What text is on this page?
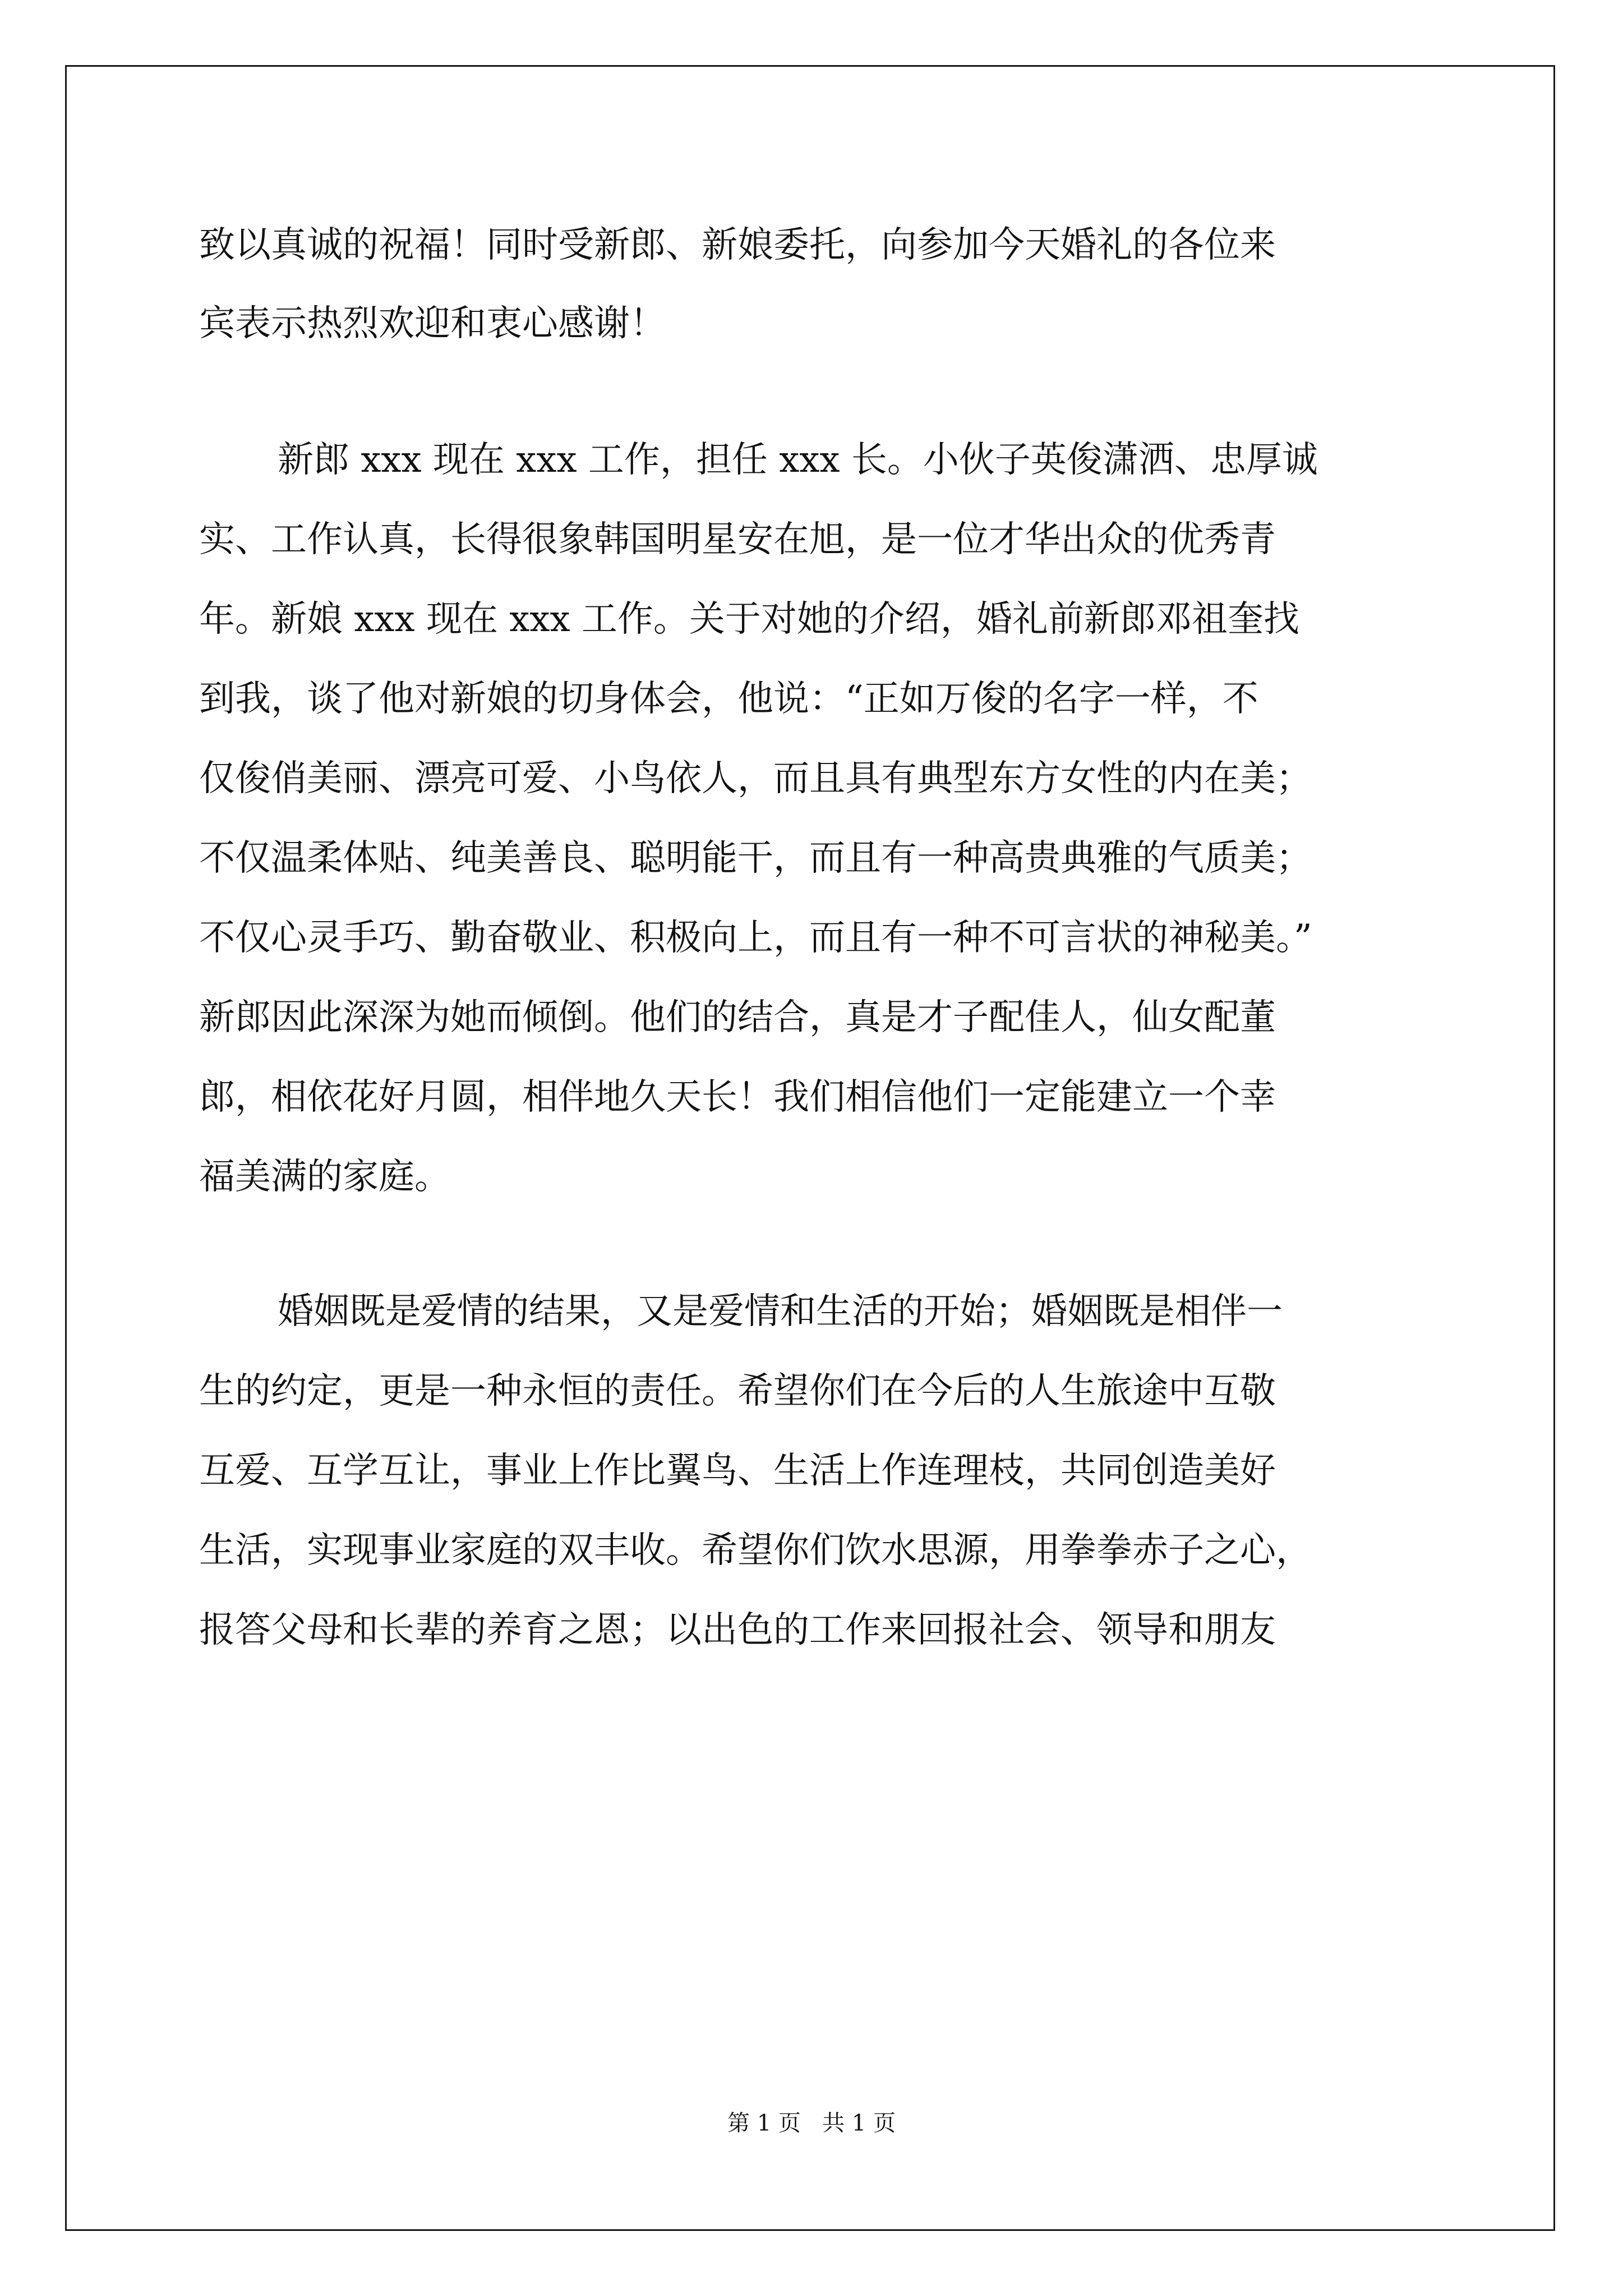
致以真诚的祝福！同时受新郎、新娘委托，向参加今天婚礼的各位来
宾表示热烈欢迎和衷心感谢！
新郎 xxx 现在 xxx 工作，担任 xxx 长。小伙子英俊潇洒、忠厚诚
实、工作认真，长得很象韩国明星安在旭，是一位才华出众的优秀青
年。新娘 xxx 现在 xxx 工作。关于对她的介绍，婚礼前新郎邓祖奎找
到我，谈了他对新娘的切身体会，他说：“正如万俊的名字一样，不
仅俊俏美丽、漂亮可爱、小鸟依人，而且具有典型东方女性的内在美；
不仅温柔体贴、纯美善良、聪明能干，而且有一种高贵典雅的气质美；
不仅心灵手巧、勤奋敬业、积极向上，而且有一种不可言状的神秘美。”
新郎因此深深为她而倾倒。他们的结合，真是才子配佳人，仙女配董
郎，相依花好月圆，相伴地久天长！我们相信他们一定能建立一个幸
福美满的家庭。
婚姻既是爱情的结果，又是爱情和生活的开始；婚姻既是相伴一
生的约定，更是一种永恒的责任。希望你们在今后的人生旅途中互敬
互爱、互学互让，事业上作比翼鸟、生活上作连理枝，共同创造美好
生活，实现事业家庭的双丰收。希望你们饮水思源，用拳拳赤子之心，
报答父母和长辈的养育之恩；以出色的工作来回报社会、领导和朋友
第 1 页   共 1 页
